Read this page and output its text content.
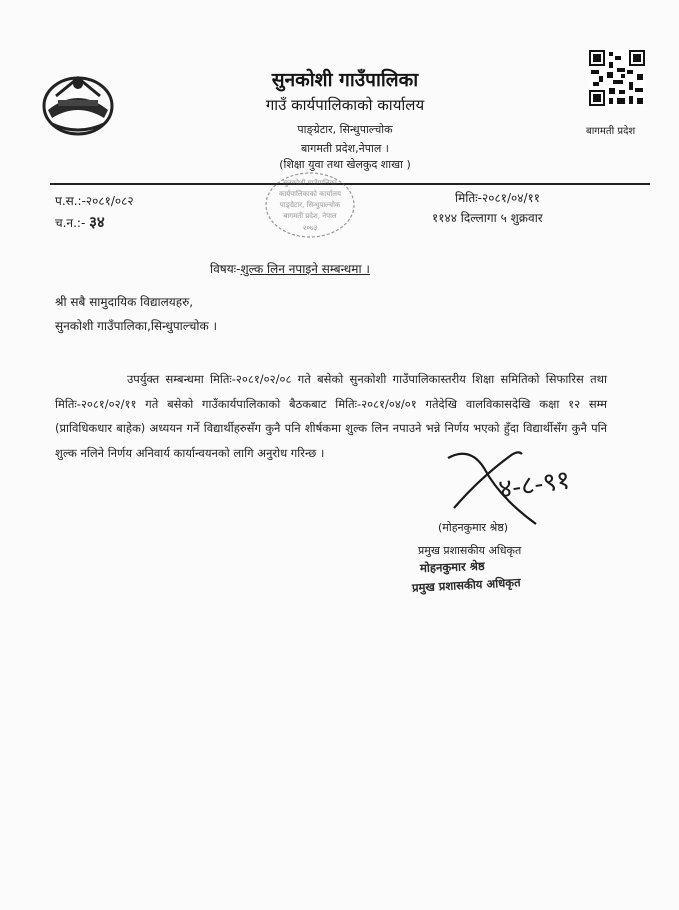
बागमती प्रदेश
सुनकोशी गाउँपालिका
गाउँ कार्यपालिकाको कार्यालय
पाङ्ग्रेटार, सिन्धुपाल्चोक
बागमती प्रदेश,नेपाल ।
(शिक्षा युवा तथा खेलकुद शाखा )
सुनकोशी गाउँपालिका
कार्यपालिकाको कार्यालय
पाङ्ग्रेटार, सिन्धुपाल्चोक
बागमती प्रदेश, नेपाल
२०७३
प.स.:-२०८१/०८२
च.न.:- ३४
मितिः-२०८१/०४/११
११४४ दिल्लागा ५ शुक्रवार
विषयः-शुल्क लिन नपाइने सम्बन्धमा ।
श्री सबै सामुदायिक विद्यालयहरु,
सुनकोशी गाउँपालिका,सिन्धुपाल्चोक ।
उपर्युक्त सम्बन्धमा मितिः-२०८१/०२/०८ गते बसेको सुनकोशी गाउँपालिकास्तरीय शिक्षा समितिको सिफारिस तथा मितिः-२०८१/०२/११ गते बसेको गाउँकार्यपालिकाको बैठकबाट मितिः-२०८१/०४/०१ गतेदेखि वालविकासदेखि कक्षा १२ सम्म (प्राविधिकधार बाहेक) अध्ययन गर्ने विद्यार्थीहरुसँग कुनै पनि शीर्षकमा शुल्क लिन नपाउने भन्ने निर्णय भएको हुँदा विद्यार्थीसँग कुनै पनि शुल्क नलिने निर्णय अनिवार्य कार्यान्वयनको लागि अनुरोध गरिन्छ ।
४-८-९१
(मोहनकुमार श्रेष्ठ)
प्रमुख प्रशासकीय अधिकृत
मोहनकुमार श्रेष्ठ
प्रमुख प्रशासकीय अधिकृत
